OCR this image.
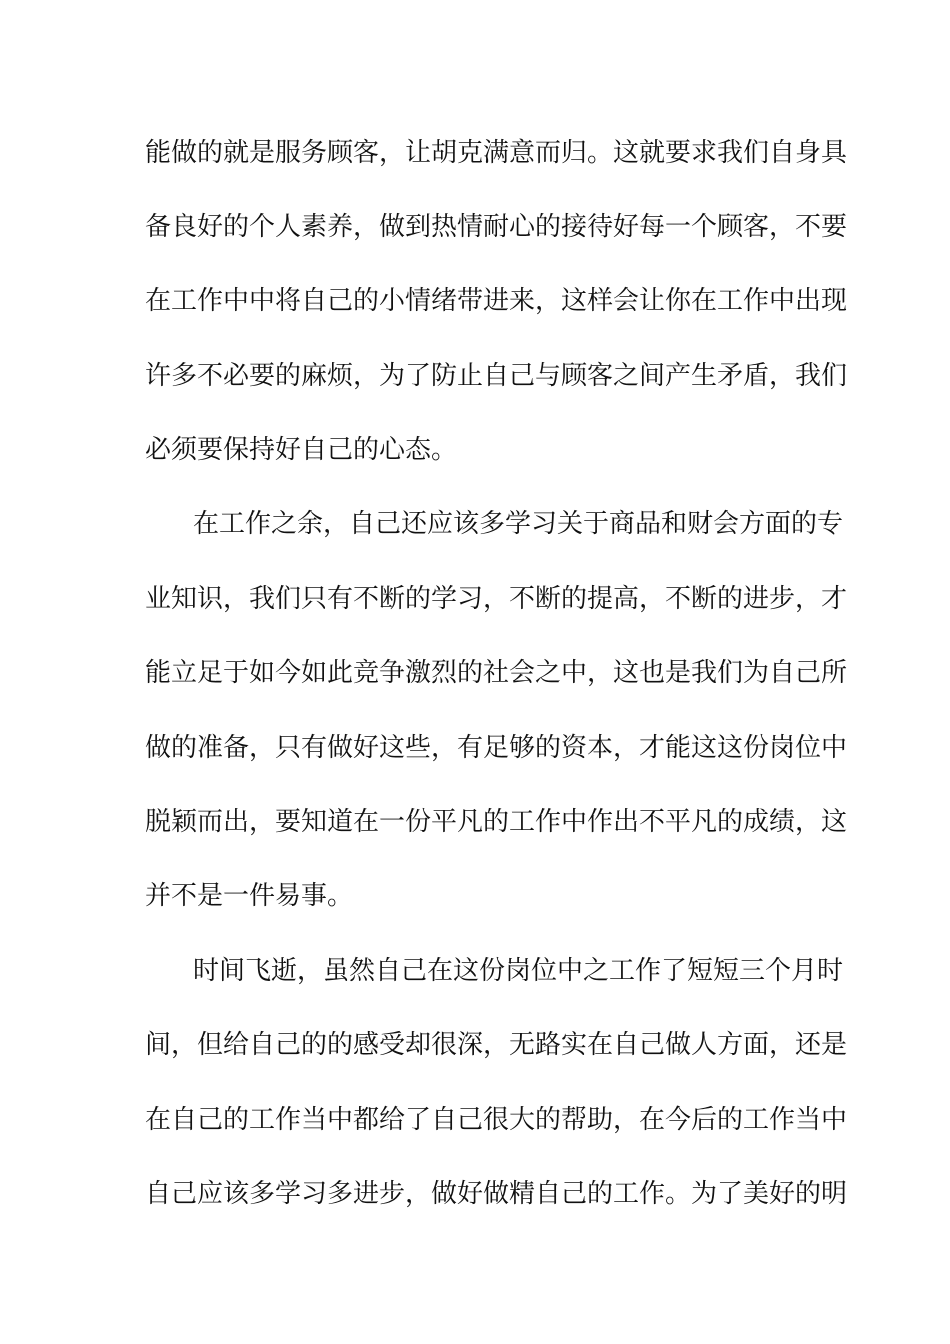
能做的就是服务顾客，让胡克满意而归。这就要求我们自身具
备良好的个人素养，做到热情耐心的接待好每一个顾客，不要
在工作中中将自己的小情绪带进来，这样会让你在工作中出现
许多不必要的麻烦，为了防止自己与顾客之间产生矛盾，我们
必须要保持好自己的心态。
在工作之余，自己还应该多学习关于商品和财会方面的专
业知识，我们只有不断的学习，不断的提高，不断的进步，才
能立足于如今如此竞争激烈的社会之中，这也是我们为自己所
做的准备，只有做好这些，有足够的资本，才能这这份岗位中
脱颖而出，要知道在一份平凡的工作中作出不平凡的成绩，这
并不是一件易事。
时间飞逝，虽然自己在这份岗位中之工作了短短三个月时
间，但给自己的的感受却很深，无路实在自己做人方面，还是
在自己的工作当中都给了自己很大的帮助，在今后的工作当中
自己应该多学习多进步，做好做精自己的工作。为了美好的明
